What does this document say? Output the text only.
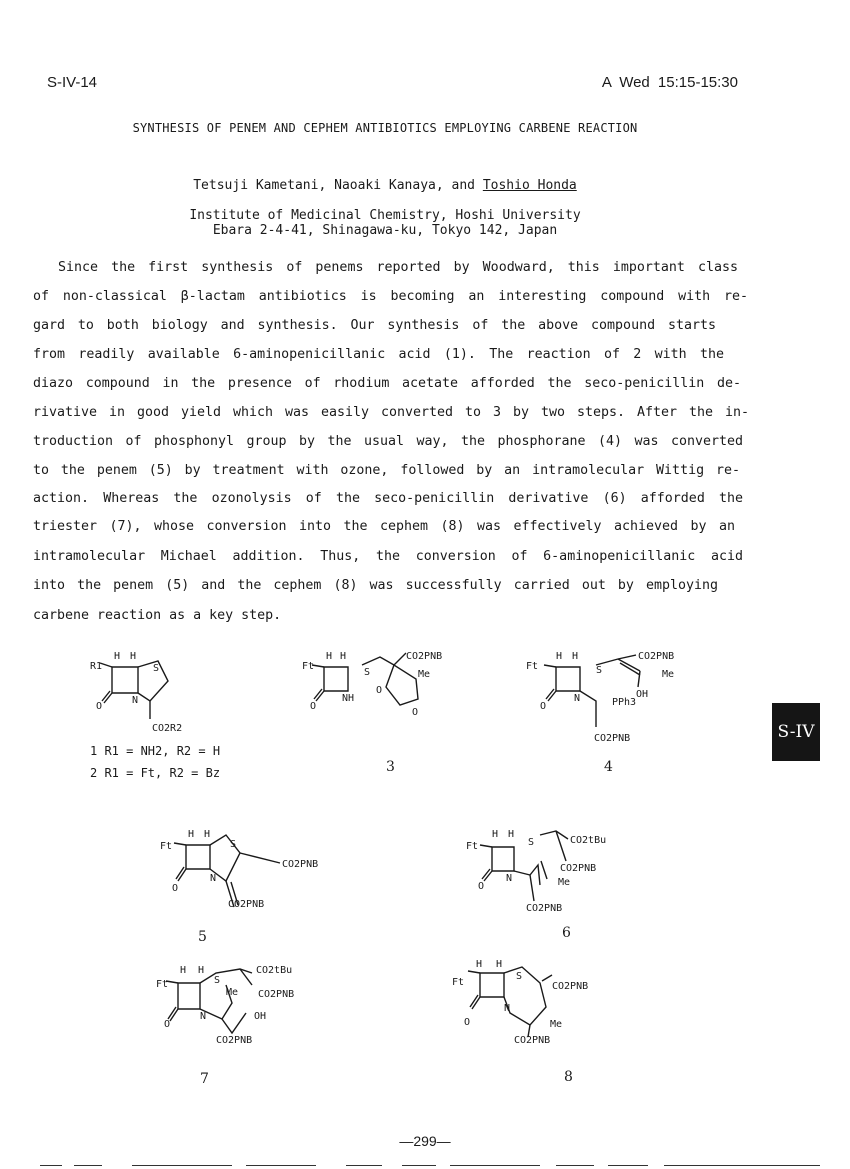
S-IV-14	A Wed 15:15-15:30
SYNTHESIS OF PENEM AND CEPHEM ANTIBIOTICS EMPLOYING CARBENE REACTION
Tetsuji Kametani, Naoaki Kanaya, and Toshio Honda
Institute of Medicinal Chemistry, Hoshi University
Ebara 2-4-41, Shinagawa-ku, Tokyo 142, Japan
Since the first synthesis of penems reported by Woodward, this important class
of non-classical β-lactam antibiotics is becoming an interesting compound with re-
gard to both biology and synthesis. Our synthesis of the above compound starts
from readily available 6-aminopenicillanic acid (1). The reaction of 2 with the
diazo compound in the presence of rhodium acetate afforded the seco-penicillin de-
rivative in good yield which was easily converted to 3 by two steps. After the in-
troduction of phosphonyl group by the usual way, the phosphorane (4) was converted
to the penem (5) by treatment with ozone, followed by an intramolecular Wittig re-
action. Whereas the ozonolysis of the seco-penicillin derivative (6) afforded the
triester (7), whose conversion into the cephem (8) was effectively achieved by an
intramolecular Michael addition. Thus, the conversion of 6-aminopenicillanic acid
into the penem (5) and the cephem (8) was successfully carried out by employing
carbene reaction as a key step.
H H
R1	S
N
O
CO2R2
H H
Ft
S
CO2PNB
Me
NH
O
O
O
H H
Ft	S
CO2PNB
Me
OH
N	PPh3
O
CO2PNB
H H
Ft	S
CO2PNB
N
O
CO2PNB
H H
Ft	S	CO2tBu
CO2PNB
N	Me
O
CO2PNB
H H
Ft	S
Me
CO2tBu
CO2PNB
N	OH
O
CO2PNB
H H
Ft
S
CO2PNB
N
Me
O
CO2PNB
1 R1 = NH2, R2 = H
2 R1 = Ft, R2 = Bz	3	4
5	6
7	8
S-IV
—299—
